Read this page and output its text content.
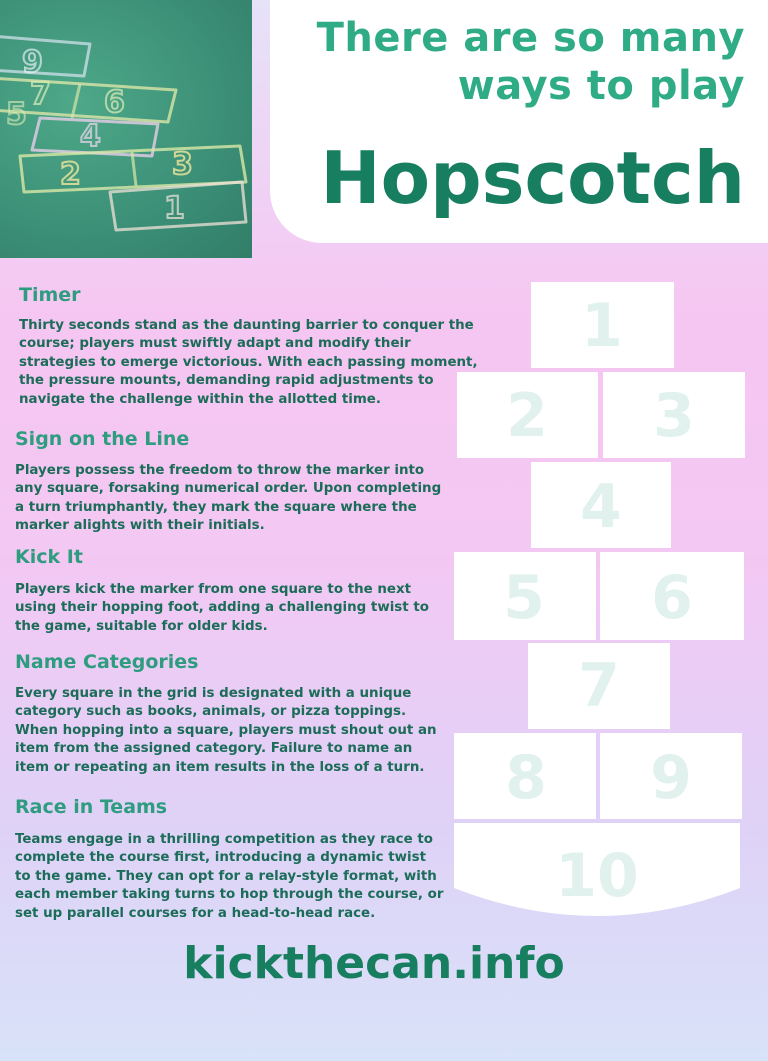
9
7 6
5
4
2	3
1
There are so many ways to play
Hopscotch
1
2 3
4
5 6
7
8 9
10
Timer

Thirty seconds stand as the daunting barrier to conquer the course; players must swiftly adapt and modify their strategies to emerge victorious. With each passing moment, the pressure mounts, demanding rapid adjustments to navigate the challenge within the allotted time.

Sign on the Line

Players possess the freedom to throw the marker into any square, forsaking numerical order. Upon completing a turn triumphantly, they mark the square where the marker alights with their initials.

Kick It

Players kick the marker from one square to the next using their hopping foot, adding a challenging twist to the game, suitable for older kids.

Name Categories

Every square in the grid is designated with a unique category such as books, animals, or pizza toppings. When hopping into a square, players must shout out an item from the assigned category. Failure to name an item or repeating an item results in the loss of a turn.

Race in Teams

Teams engage in a thrilling competition as they race to complete the course first, introducing a dynamic twist to the game. They can opt for a relay-style format, with each member taking turns to hop through the course, or set up parallel courses for a head-to-head race.

kickthecan.info
